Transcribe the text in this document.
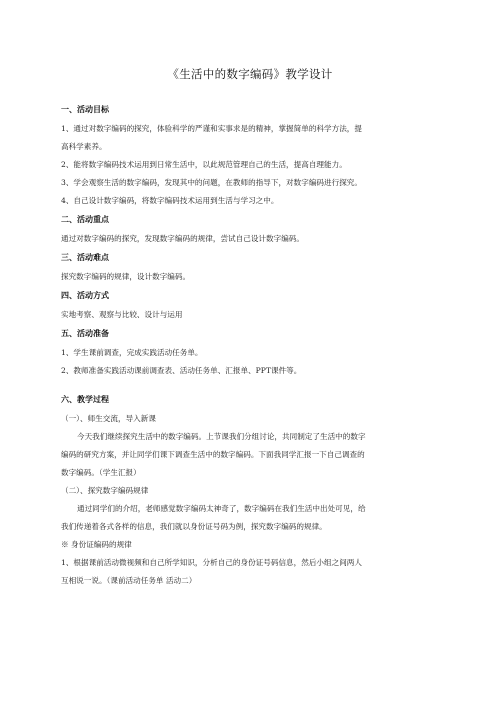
《生活中的数字编码》教学设计
一、活动目标

1、通过对数字编码的探究，体验科学的严谨和实事求是的精神，掌握简单的科学方法，提

高科学素养。

2、能将数字编码技术运用到日常生活中，以此规范管理自己的生活，提高自理能力。

3、学会观察生活的数字编码，发现其中的问题，在教师的指导下，对数字编码进行探究。

4、自己设计数字编码，将数字编码技术运用到生活与学习之中。

二、活动重点

通过对数字编码的探究，发现数字编码的规律，尝试自己设计数字编码。

三、活动难点

探究数字编码的规律，设计数字编码。

四、活动方式

实地考察、观察与比较、设计与运用

五、活动准备

1、学生课前调查，完成实践活动任务单。

2、教师准备实践活动课前调查表、活动任务单、汇报单、PPT课件等。

六、教学过程

（一）、师生交流，导入新课

今天我们继续探究生活中的数字编码。上节课我们分组讨论，共同制定了生活中的数字

编码的研究方案，并让同学们课下调查生活中的数字编码。下面我同学汇报一下自己调查的

数字编码。（学生汇报）

（二）、探究数字编码规律

通过同学们的介绍，老师感觉数字编码太神奇了，数字编码在我们生活中出处可见，给

我们传递着各式各样的信息，我们就以身份证号码为例，探究数字编码的规律。

※ 身份证编码的规律

1、根据课前活动微视频和自己所学知识，分析自己的身份证号码信息，然后小组之间两人

互相说一说。（课前活动任务单 活动二）
